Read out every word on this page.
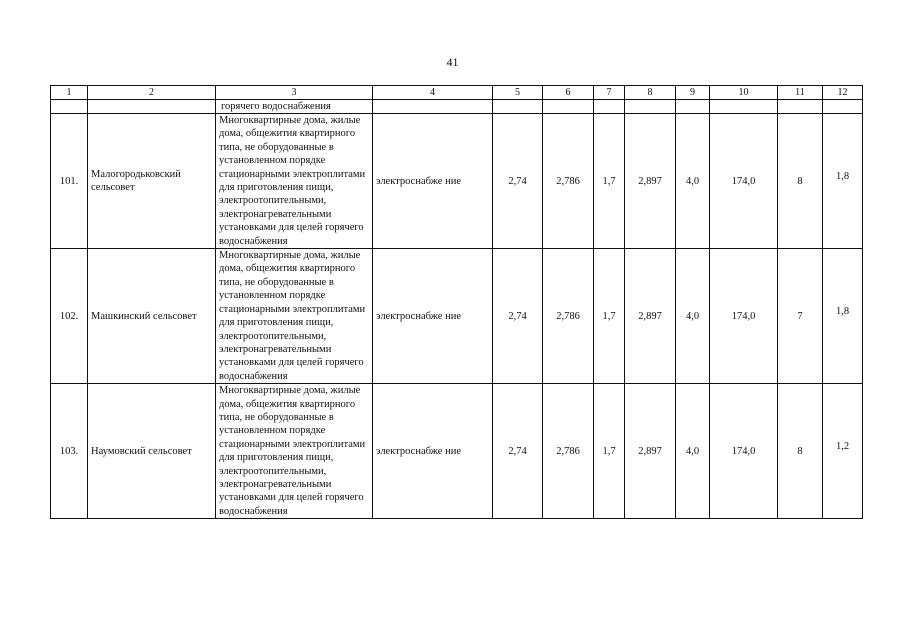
41
1	2	3	4	5	6	7	8	9	10	11	12
		горячего водоснабжения									
101.	Малогородьковский сельсовет	Многоквартирные дома, жилые дома, общежития квартирного типа, не оборудованные в установленном порядке стационарными электроплитами для приготовления пищи, электроотопительными, электронагревательными установками для целей горячего водоснабжения	электроснабже ние	2,74	2,786	1,7	2,897	4,0	174,0	8	1,8
102.	Машкинский сельсовет	Многоквартирные дома, жилые дома, общежития квартирного типа, не оборудованные в установленном порядке стационарными электроплитами для приготовления пищи, электроотопительными, электронагревательными установками для целей горячего водоснабжения	электроснабже ние	2,74	2,786	1,7	2,897	4,0	174,0	7	1,8
103.	Наумовский сельсовет	Многоквартирные дома, жилые дома, общежития квартирного типа, не оборудованные в установленном порядке стационарными электроплитами для приготовления пищи, электроотопительными, электронагревательными установками для целей горячего водоснабжения	электроснабже ние	2,74	2,786	1,7	2,897	4,0	174,0	8	1,2
